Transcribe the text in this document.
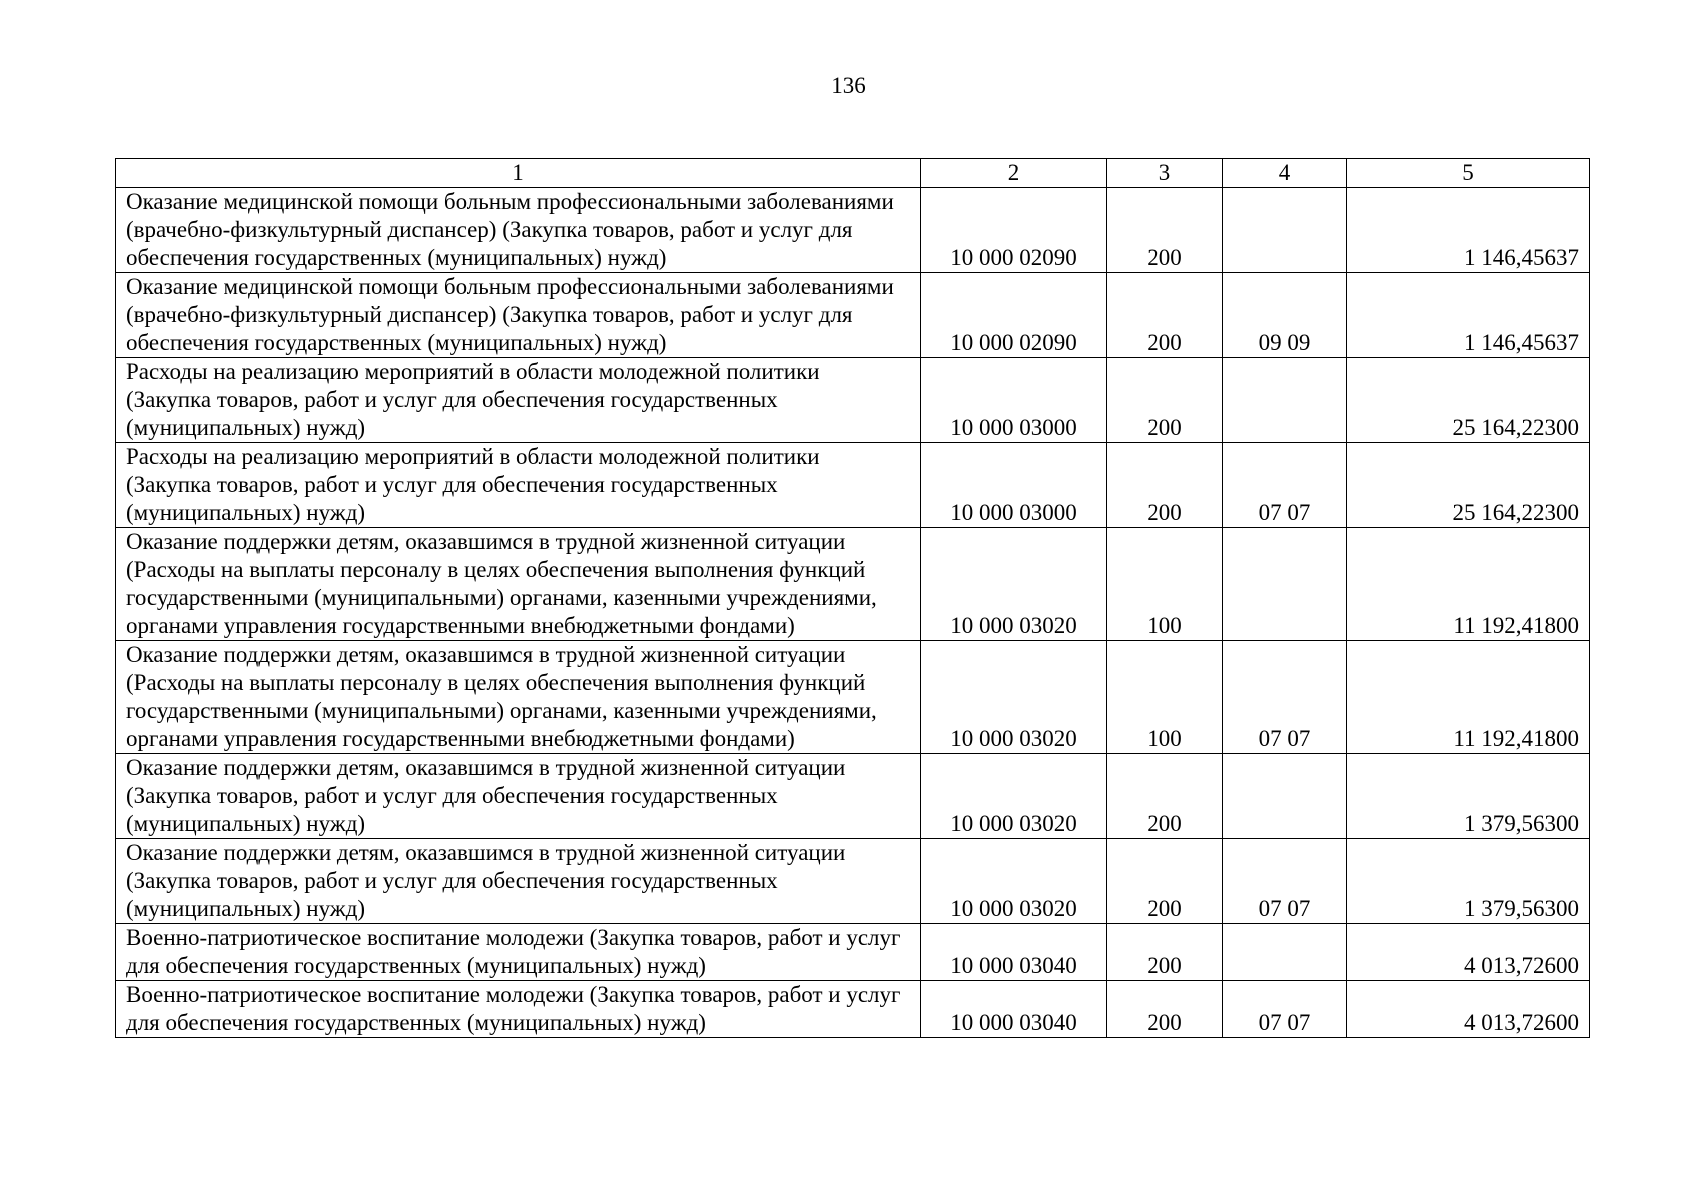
136
1	2	3	4	5

Оказание медицинской помощи больным профессиональными заболеваниями (врачебно-физкультурный диспансер) (Закупка товаров, работ и услуг для обеспечения государственных (муниципальных) нужд)	10 000 02090	200		1 146,45637

Оказание медицинской помощи больным профессиональными заболеваниями (врачебно-физкультурный диспансер) (Закупка товаров, работ и услуг для обеспечения государственных (муниципальных) нужд)	10 000 02090	200	09 09	1 146,45637

Расходы на реализацию мероприятий в области молодежной политики (Закупка товаров, работ и услуг для обеспечения государственных (муниципальных) нужд)	10 000 03000	200		25 164,22300

Расходы на реализацию мероприятий в области молодежной политики (Закупка товаров, работ и услуг для обеспечения государственных (муниципальных) нужд)	10 000 03000	200	07 07	25 164,22300

Оказание поддержки детям, оказавшимся в трудной жизненной ситуации (Расходы на выплаты персоналу в целях обеспечения выполнения функций государственными (муниципальными) органами, казенными учреждениями, органами управления государственными внебюджетными фондами)	10 000 03020	100		11 192,41800

Оказание поддержки детям, оказавшимся в трудной жизненной ситуации (Расходы на выплаты персоналу в целях обеспечения выполнения функций государственными (муниципальными) органами, казенными учреждениями, органами управления государственными внебюджетными фондами)	10 000 03020	100	07 07	11 192,41800

Оказание поддержки детям, оказавшимся в трудной жизненной ситуации (Закупка товаров, работ и услуг для обеспечения государственных (муниципальных) нужд)	10 000 03020	200		1 379,56300

Оказание поддержки детям, оказавшимся в трудной жизненной ситуации (Закупка товаров, работ и услуг для обеспечения государственных (муниципальных) нужд)	10 000 03020	200	07 07	1 379,56300

Военно-патриотическое воспитание молодежи (Закупка товаров, работ и услуг для обеспечения государственных (муниципальных) нужд)	10 000 03040	200		4 013,72600

Военно-патриотическое воспитание молодежи (Закупка товаров, работ и услуг для обеспечения государственных (муниципальных) нужд)	10 000 03040	200	07 07	4 013,72600
